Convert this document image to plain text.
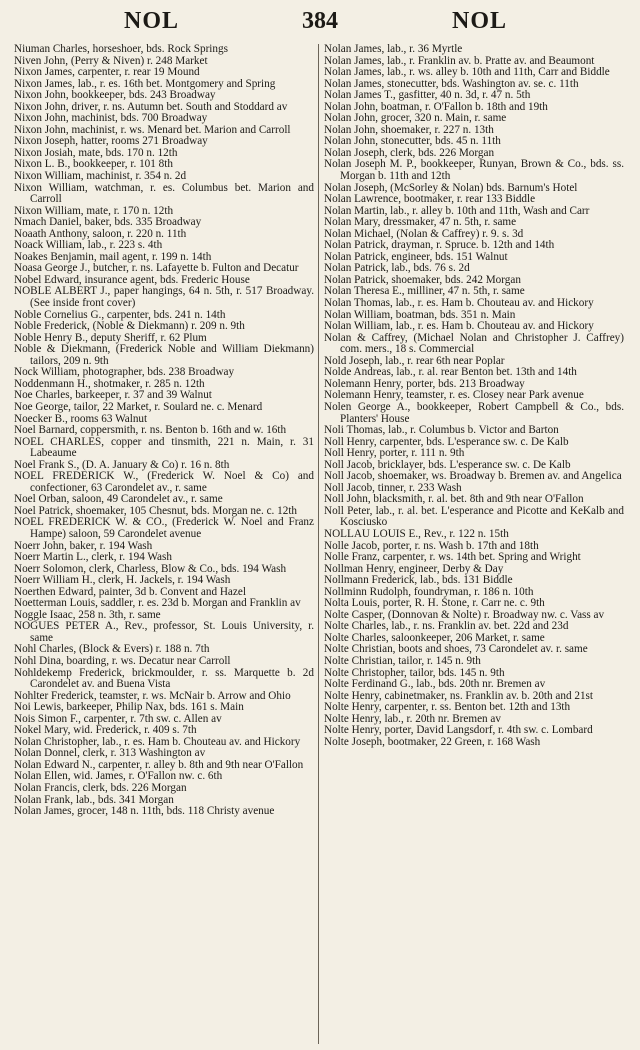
NOL	384	NOL

Niuman Charles, horseshoer, bds. Rock Springs

Niven John, (Perry & Niven) r. 248 Market

Nixon James, carpenter, r. rear 19 Mound

Nixon James, lab., r. es. 16th bet. Montgomery and Spring

Nixon John, bookkeeper, bds. 243 Broadway

Nixon John, driver, r. ns. Autumn bet. South and Stoddard av

Nixon John, machinist, bds. 700 Broadway

Nixon John, machinist, r. ws. Menard bet. Marion and Carroll

Nixon Joseph, hatter, rooms 271 Broadway

Nixon Josiah, mate, bds. 170 n. 12th

Nixon L. B., bookkeeper, r. 101 8th

Nixon William, machinist, r. 354 n. 2d

Nixon William, watchman, r. es. Columbus bet. Marion and Carroll

Nixon William, mate, r. 170 n. 12th

Nmach Daniel, baker, bds. 335 Broadway

Noaath Anthony, saloon, r. 220 n. 11th

Noack William, lab., r. 223 s. 4th

Noakes Benjamin, mail agent, r. 199 n. 14th

Noasa George J., butcher, r. ns. Lafayette b. Fulton and Decatur

Nobel Edward, insurance agent, bds. Frederic House

NOBLE ALBERT J., paper hangings, 64 n. 5th, r. 517 Broadway. (See inside front cover)

Noble Cornelius G., carpenter, bds. 241 n. 14th

Noble Frederick, (Noble & Diekmann) r. 209 n. 9th

Noble Henry B., deputy Sheriff, r. 62 Plum

Noble & Diekmann, (Frederick Noble and William Diekmann) tailors, 209 n. 9th

Nock William, photographer, bds. 238 Broadway

Noddenmann H., shotmaker, r. 285 n. 12th

Noe Charles, barkeeper, r. 37 and 39 Walnut

Noe George, tailor, 22 Market, r. Soulard ne. c. Menard

Noecker B., rooms 63 Walnut

Noel Barnard, coppersmith, r. ns. Benton b. 16th and w. 16th

NOEL CHARLES, copper and tinsmith, 221 n. Main, r. 31 Labeaume

Noel Frank S., (D. A. January & Co) r. 16 n. 8th

NOEL FREDERICK W., (Frederick W. Noel & Co) and confectioner, 63 Carondelet av., r. same

Noel Orban, saloon, 49 Carondelet av., r. same

Noel Patrick, shoemaker, 105 Chesnut, bds. Morgan ne. c. 12th

NOEL FREDERICK W. & CO., (Frederick W. Noel and Franz Hampe) saloon, 59 Carondelet avenue

Noerr John, baker, r. 194 Wash

Noerr Martin L., clerk, r. 194 Wash

Noerr Solomon, clerk, Charless, Blow & Co., bds. 194 Wash

Noerr William H., clerk, H. Jackels, r. 194 Wash

Noerthen Edward, painter, 3d b. Convent and Hazel

Noetterman Louis, saddler, r. es. 23d b. Morgan and Franklin av

Noggle Isaac, 258 n. 3th, r. same

NOGUES PETER A., Rev., professor, St. Louis University, r. same

Nohl Charles, (Block & Evers) r. 188 n. 7th

Nohl Dina, boarding, r. ws. Decatur near Carroll

Nohldekemp Frederick, brickmoulder, r. ss. Marquette b. 2d Carondelet av. and Buena Vista

Nohlter Frederick, teamster, r. ws. McNair b. Arrow and Ohio

Noi Lewis, barkeeper, Philip Nax, bds. 161 s. Main

Nois Simon F., carpenter, r. 7th sw. c. Allen av

Nokel Mary, wid. Frederick, r. 409 s. 7th

Nolan Christopher, lab., r. es. Ham b. Chouteau av. and Hickory

Nolan Donnel, clerk, r. 313 Washington av

Nolan Edward N., carpenter, r. alley b. 8th and 9th near O'Fallon

Nolan Ellen, wid. James, r. O'Fallon nw. c. 6th

Nolan Francis, clerk, bds. 226 Morgan

Nolan Frank, lab., bds. 341 Morgan

Nolan James, grocer, 148 n. 11th, bds. 118 Christy avenue

Nolan James, lab., r. 36 Myrtle

Nolan James, lab., r. Franklin av. b. Pratte av. and Beaumont

Nolan James, lab., r. ws. alley b. 10th and 11th, Carr and Biddle

Nolan James, stonecutter, bds. Washington av. se. c. 11th

Nolan James T., gasfitter, 40 n. 3d, r. 47 n. 5th

Nolan John, boatman, r. O'Fallon b. 18th and 19th

Nolan John, grocer, 320 n. Main, r. same

Nolan John, shoemaker, r. 227 n. 13th

Nolan John, stonecutter, bds. 45 n. 11th

Nolan Joseph, clerk, bds. 226 Morgan

Nolan Joseph M. P., bookkeeper, Runyan, Brown & Co., bds. ss. Morgan b. 11th and 12th

Nolan Joseph, (McSorley & Nolan) bds. Barnum's Hotel

Nolan Lawrence, bootmaker, r. rear 133 Biddle

Nolan Martin, lab., r. alley b. 10th and 11th, Wash and Carr

Nolan Mary, dressmaker, 47 n. 5th, r. same

Nolan Michael, (Nolan & Caffrey) r. 9. s. 3d

Nolan Patrick, drayman, r. Spruce. b. 12th and 14th

Nolan Patrick, engineer, bds. 151 Walnut

Nolan Patrick, lab., bds. 76 s. 2d

Nolan Patrick, shoemaker, bds. 242 Morgan

Nolan Theresa E., milliner, 47 n. 5th, r. same

Nolan Thomas, lab., r. es. Ham b. Chouteau av. and Hickory

Nolan William, boatman, bds. 351 n. Main

Nolan William, lab., r. es. Ham b. Chouteau av. and Hickory

Nolan & Caffrey, (Michael Nolan and Christopher J. Caffrey) com. mers., 18 s. Commercial

Nold Joseph, lab., r. rear 6th near Poplar

Nolde Andreas, lab., r. al. rear Benton bet. 13th and 14th

Nolemann Henry, porter, bds. 213 Broadway

Nolemann Henry, teamster, r. es. Closey near Park avenue

Nolen George A., bookkeeper, Robert Campbell & Co., bds. Planters' House

Noli Thomas, lab., r. Columbus b. Victor and Barton

Noll Henry, carpenter, bds. L'esperance sw. c. De Kalb

Noll Henry, porter, r. 111 n. 9th

Noll Jacob, bricklayer, bds. L'esperance sw. c. De Kalb

Noll Jacob, shoemaker, ws. Broadway b. Bremen av. and Angelica

Noll Jacob, tinner, r. 233 Wash

Noll John, blacksmith, r. al. bet. 8th and 9th near O'Fallon

Noll Peter, lab., r. al. bet. L'esperance and Picotte and KeKalb and Kosciusko

NOLLAU LOUIS E., Rev., r. 122 n. 15th

Nolle Jacob, porter, r. ns. Wash b. 17th and 18th

Nolle Franz, carpenter, r. ws. 14th bet. Spring and Wright

Nollman Henry, engineer, Derby & Day

Nollmann Frederick, lab., bds. 131 Biddle

Nollminn Rudolph, foundryman, r. 186 n. 10th

Nolta Louis, porter, R. H. Stone, r. Carr ne. c. 9th

Nolte Casper, (Donnovan & Nolte) r. Broadway nw. c. Vass av

Nolte Charles, lab., r. ns. Franklin av. bet. 22d and 23d

Nolte Charles, saloonkeeper, 206 Market, r. same

Nolte Christian, boots and shoes, 73 Carondelet av. r. same

Nolte Christian, tailor, r. 145 n. 9th

Nolte Christopher, tailor, bds. 145 n. 9th

Nolte Ferdinand G., lab., bds. 20th nr. Bremen av

Nolte Henry, cabinetmaker, ns. Franklin av. b. 20th and 21st

Nolte Henry, carpenter, r. ss. Benton bet. 12th and 13th

Nolte Henry, lab., r. 20th nr. Bremen av

Nolte Henry, porter, David Langsdorf, r. 4th sw. c. Lombard

Nolte Joseph, bootmaker, 22 Green, r. 168 Wash
